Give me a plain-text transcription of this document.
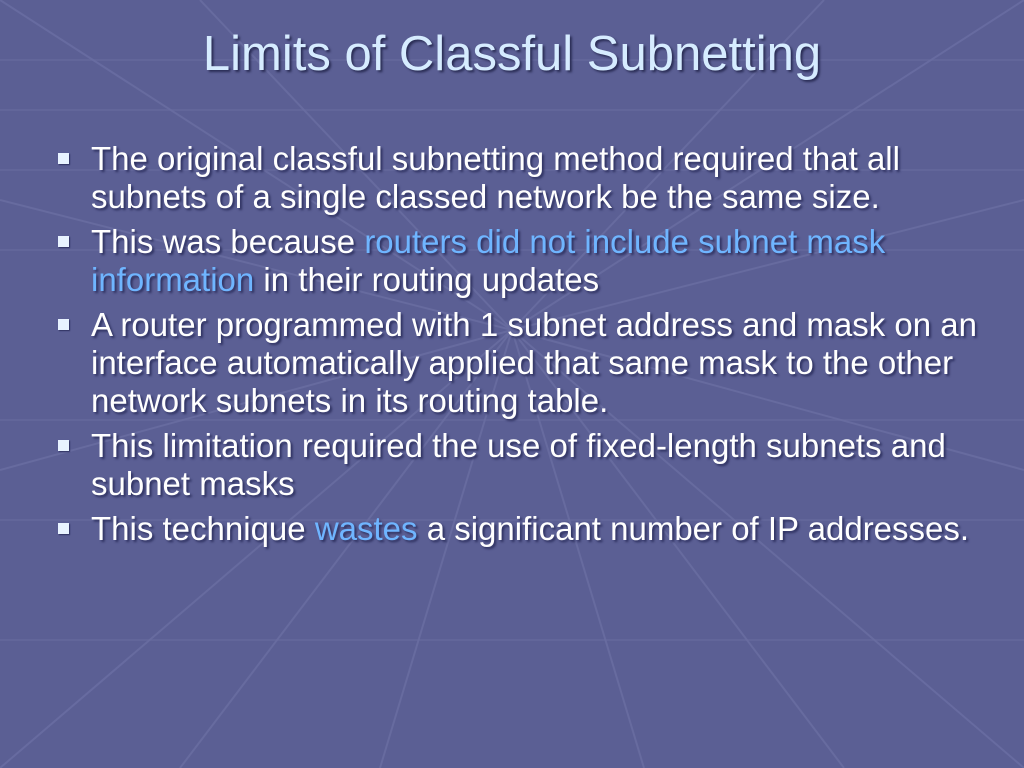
Limits of Classful Subnetting
The original classful subnetting method required that all subnets of a single classed network be the same size.
This was because routers did not include subnet mask information in their routing updates
A router programmed with 1 subnet address and mask on an interface automatically applied that same mask to the other network subnets in its routing table.
This limitation required the use of fixed-length subnets and subnet masks
This technique wastes a significant number of IP addresses.
